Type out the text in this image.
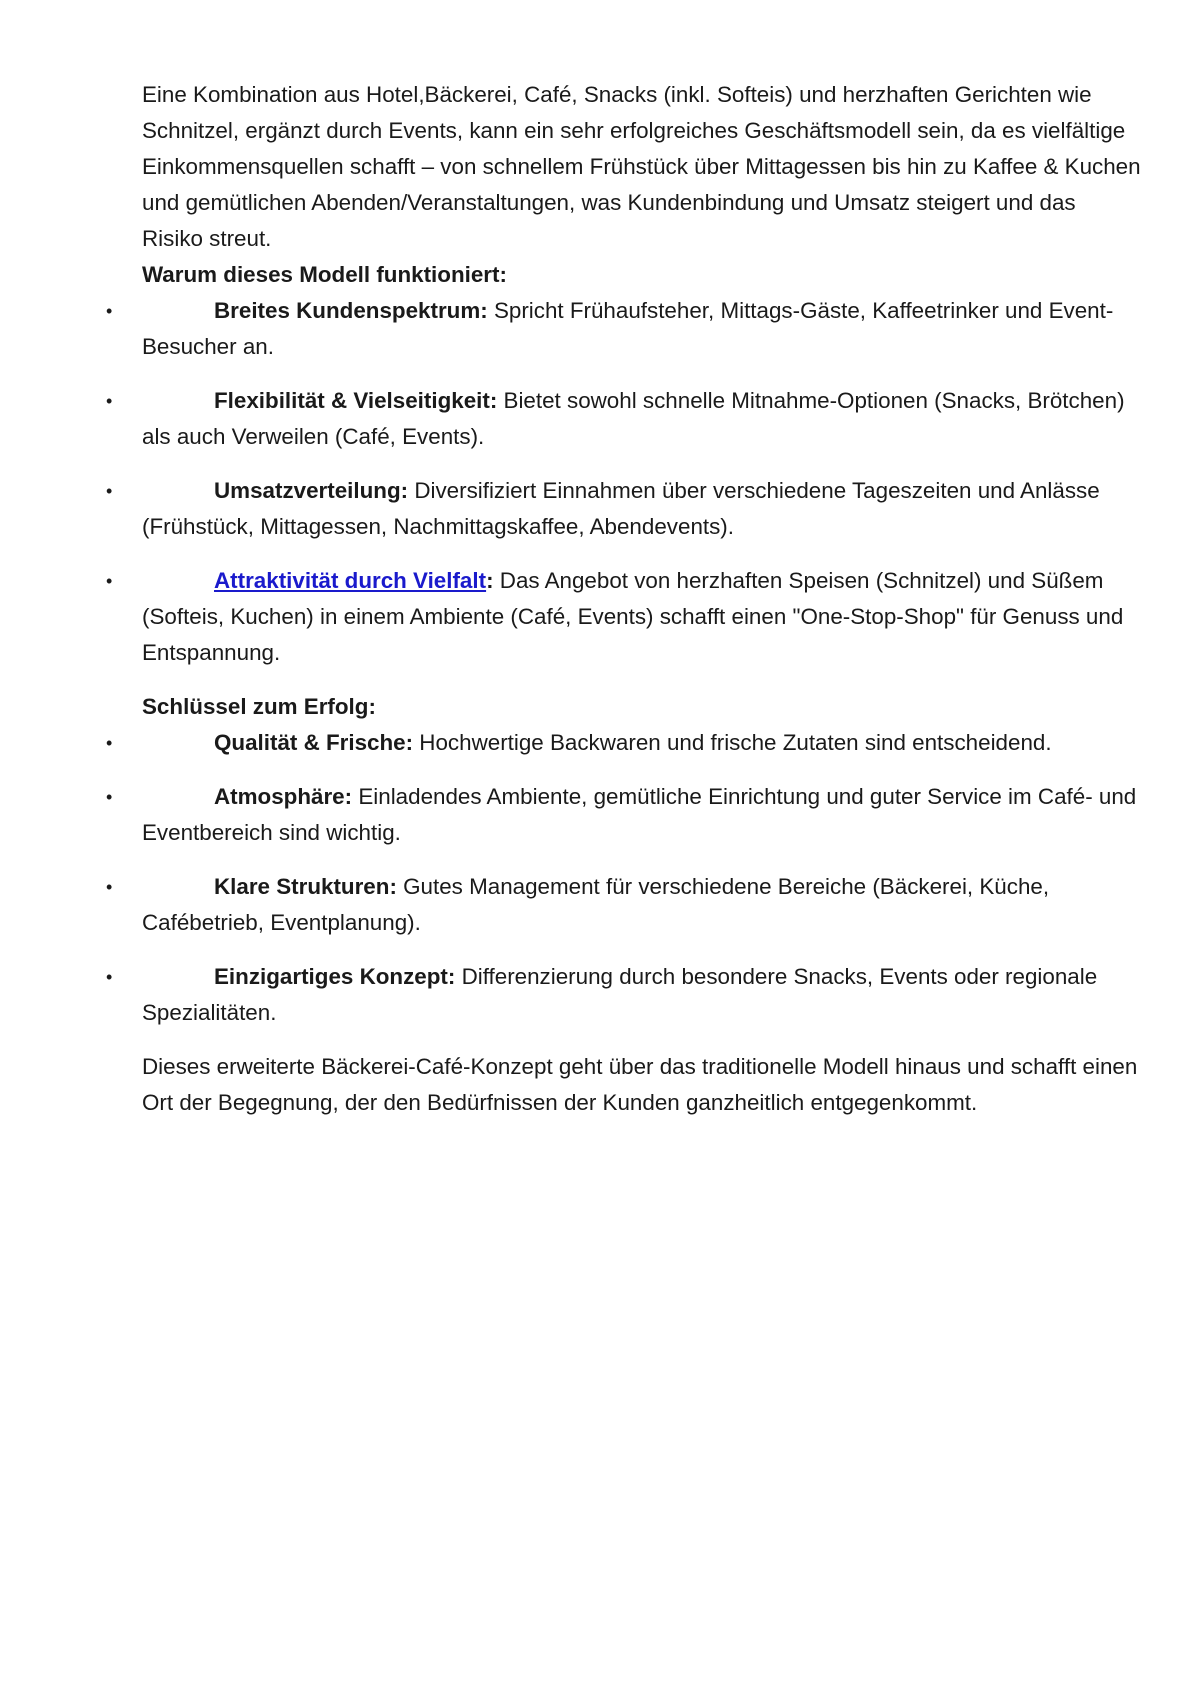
Eine Kombination aus Hotel,Bäckerei, Café, Snacks (inkl. Softeis) und herzhaften Gerichten wie Schnitzel, ergänzt durch Events, kann ein sehr erfolgreiches Geschäftsmodell sein, da es vielfältige Einkommensquellen schafft – von schnellem Frühstück über Mittagessen bis hin zu Kaffee & Kuchen und gemütlichen Abenden/Veranstaltungen, was Kundenbindung und Umsatz steigert und das Risiko streut.

Warum dieses Modell funktioniert:

•	Breites Kundenspektrum: Spricht Frühaufsteher, Mittags-Gäste, Kaffeetrinker und Event-Besucher an.
•	Flexibilität & Vielseitigkeit: Bietet sowohl schnelle Mitnahme-Optionen (Snacks, Brötchen) als auch Verweilen (Café, Events).
•	Umsatzverteilung: Diversifiziert Einnahmen über verschiedene Tageszeiten und Anlässe (Frühstück, Mittagessen, Nachmittagskaffee, Abendevents).
•	Attraktivität durch Vielfalt: Das Angebot von herzhaften Speisen (Schnitzel) und Süßem (Softeis, Kuchen) in einem Ambiente (Café, Events) schafft einen "One-Stop-Shop" für Genuss und Entspannung.

Schlüssel zum Erfolg:

•	Qualität & Frische: Hochwertige Backwaren und frische Zutaten sind entscheidend.
•	Atmosphäre: Einladendes Ambiente, gemütliche Einrichtung und guter Service im Café- und Eventbereich sind wichtig.
•	Klare Strukturen: Gutes Management für verschiedene Bereiche (Bäckerei, Küche, Cafébetrieb, Eventplanung).
•	Einzigartiges Konzept: Differenzierung durch besondere Snacks, Events oder regionale Spezialitäten.

Dieses erweiterte Bäckerei-Café-Konzept geht über das traditionelle Modell hinaus und schafft einen Ort der Begegnung, der den Bedürfnissen der Kunden ganzheitlich entgegenkommt.
